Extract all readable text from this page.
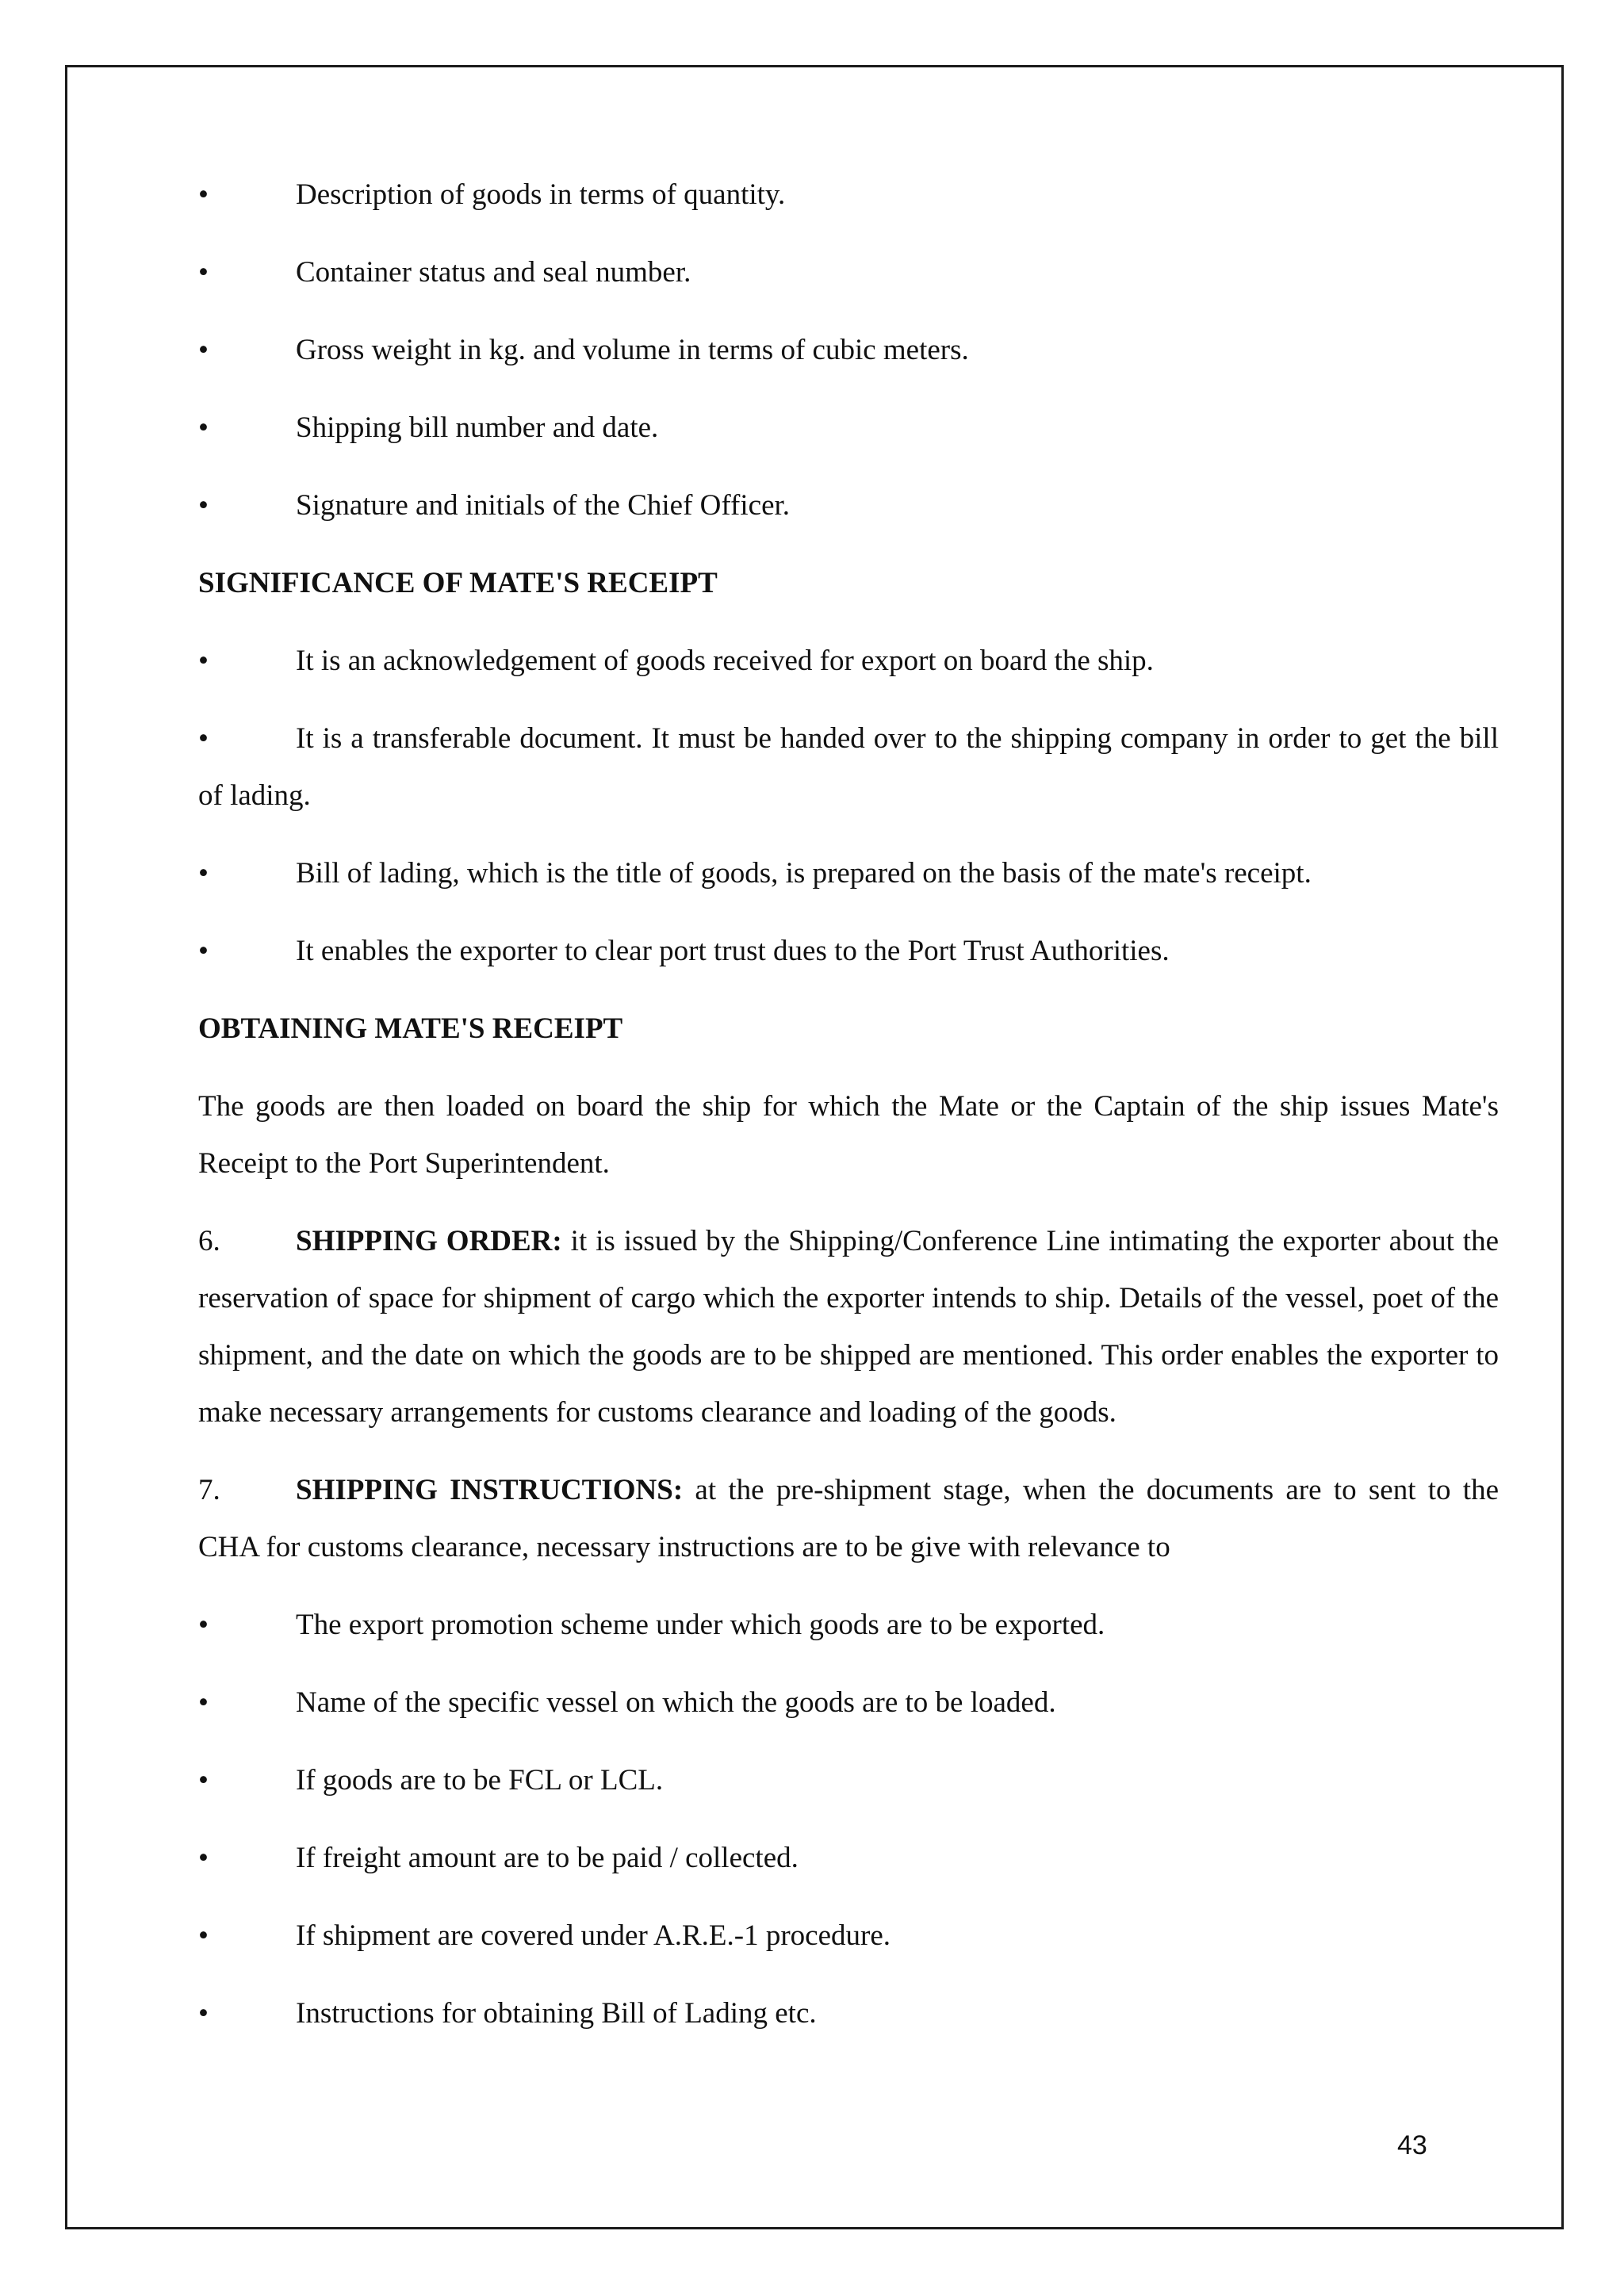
•	Description of goods in terms of quantity.
•	Container status and seal number.
•	Gross weight in kg. and volume in terms of cubic meters.
•	Shipping bill number and date.
•	Signature and initials of the Chief Officer.
SIGNIFICANCE OF MATE'S RECEIPT
•	It is an acknowledgement of goods received for export on board the ship.
•	It is a transferable document. It must be handed over to the shipping company in order to get the bill of lading.
•	Bill of lading, which is the title of goods, is prepared on the basis of the mate's receipt.
•	It enables the exporter to clear port trust dues to the Port Trust Authorities.
OBTAINING MATE'S RECEIPT
The goods are then loaded on board the ship for which the Mate or the Captain of the ship issues Mate's Receipt to the Port Superintendent.
6.	SHIPPING ORDER: it is issued by the Shipping/Conference Line intimating the exporter about the reservation of space for shipment of cargo which the exporter intends to ship. Details of the vessel, poet of the shipment, and the date on which the goods are to be shipped are mentioned. This order enables the exporter to make necessary arrangements for customs clearance and loading of the goods.
7.	SHIPPING INSTRUCTIONS: at the pre-shipment stage, when the documents are to sent to the CHA for customs clearance, necessary instructions are to be give with relevance to
•	The export promotion scheme under which goods are to be exported.
•	Name of the specific vessel on which the goods are to be loaded.
•	If goods are to be FCL or LCL.
•	If freight amount are to be paid / collected.
•	If shipment are covered under A.R.E.-1 procedure.
•	Instructions for obtaining Bill of Lading etc.
43
